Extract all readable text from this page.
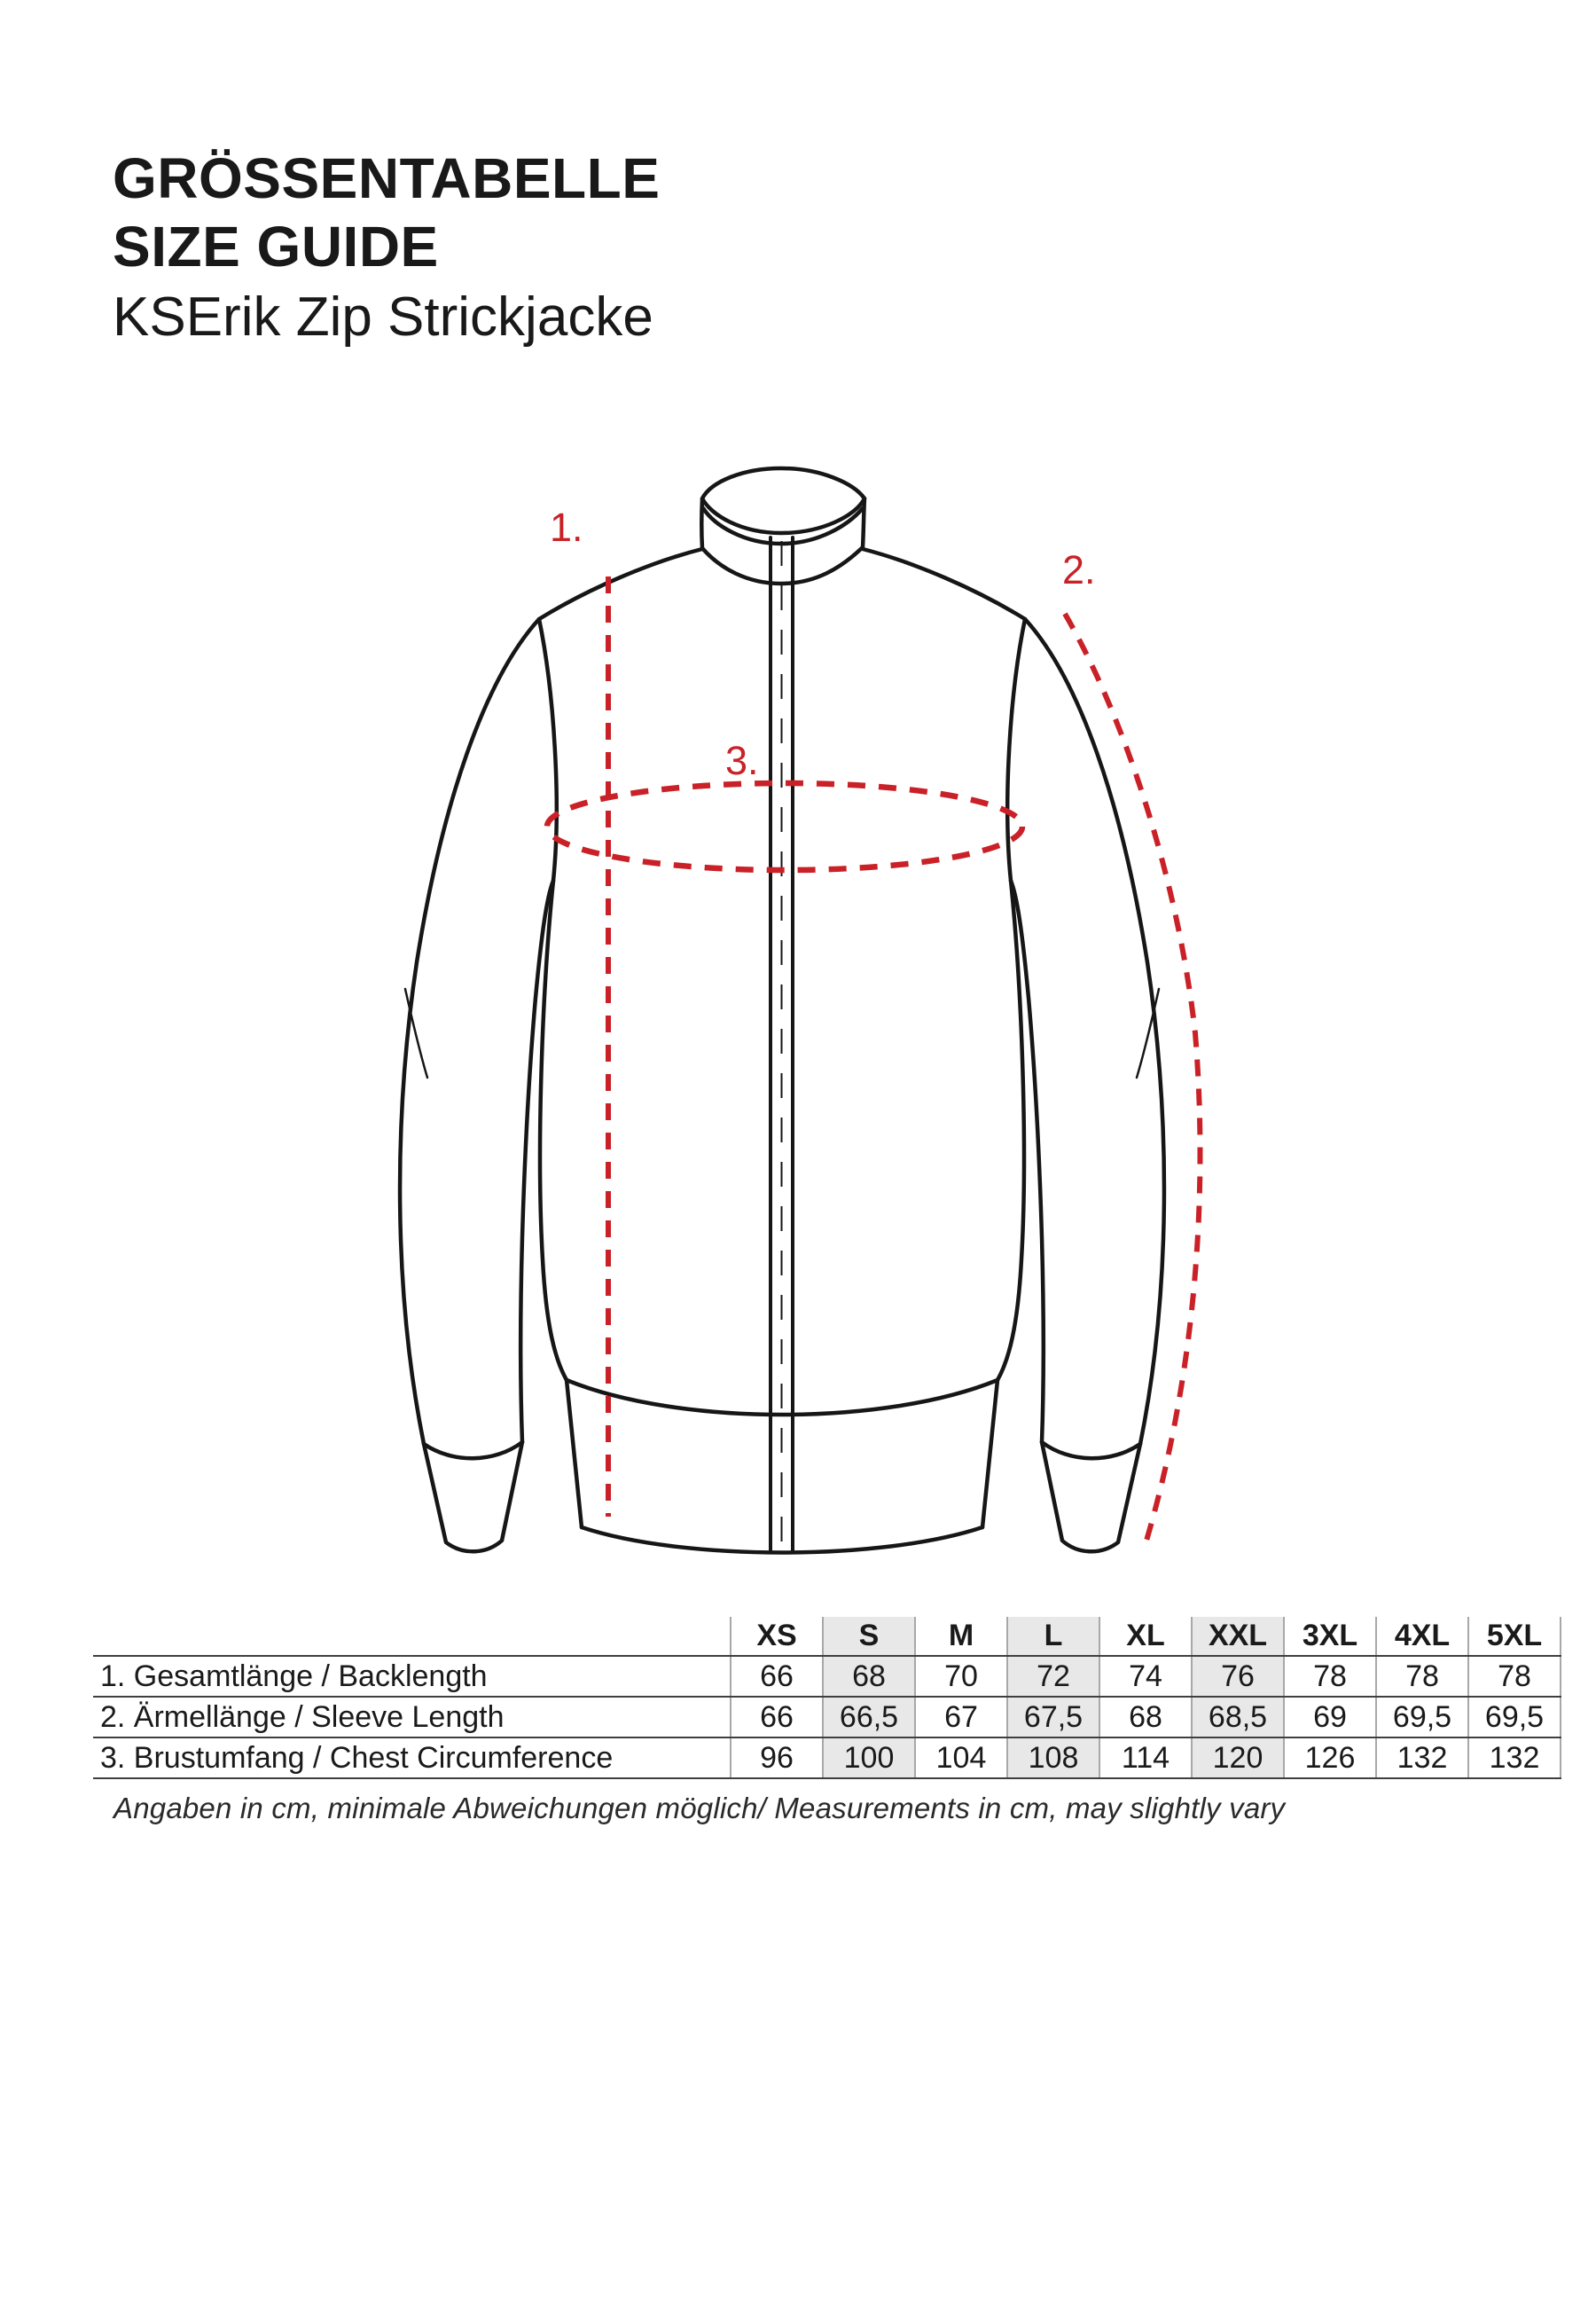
GRÖSSENTABELLE
SIZE GUIDE
KSErik Zip Strickjacke
1.
2.
3.
	XS	S	M	L	XL	XXL	3XL	4XL	5XL
1. Gesamtlänge / Backlength	66	68	70	72	74	76	78	78	78
2. Ärmellänge / Sleeve Length	66	66,5	67	67,5	68	68,5	69	69,5	69,5
3. Brustumfang / Chest Circumference	96	100	104	108	114	120	126	132	132
Angaben in cm, minimale Abweichungen möglich/ Measurements in cm, may slightly vary
